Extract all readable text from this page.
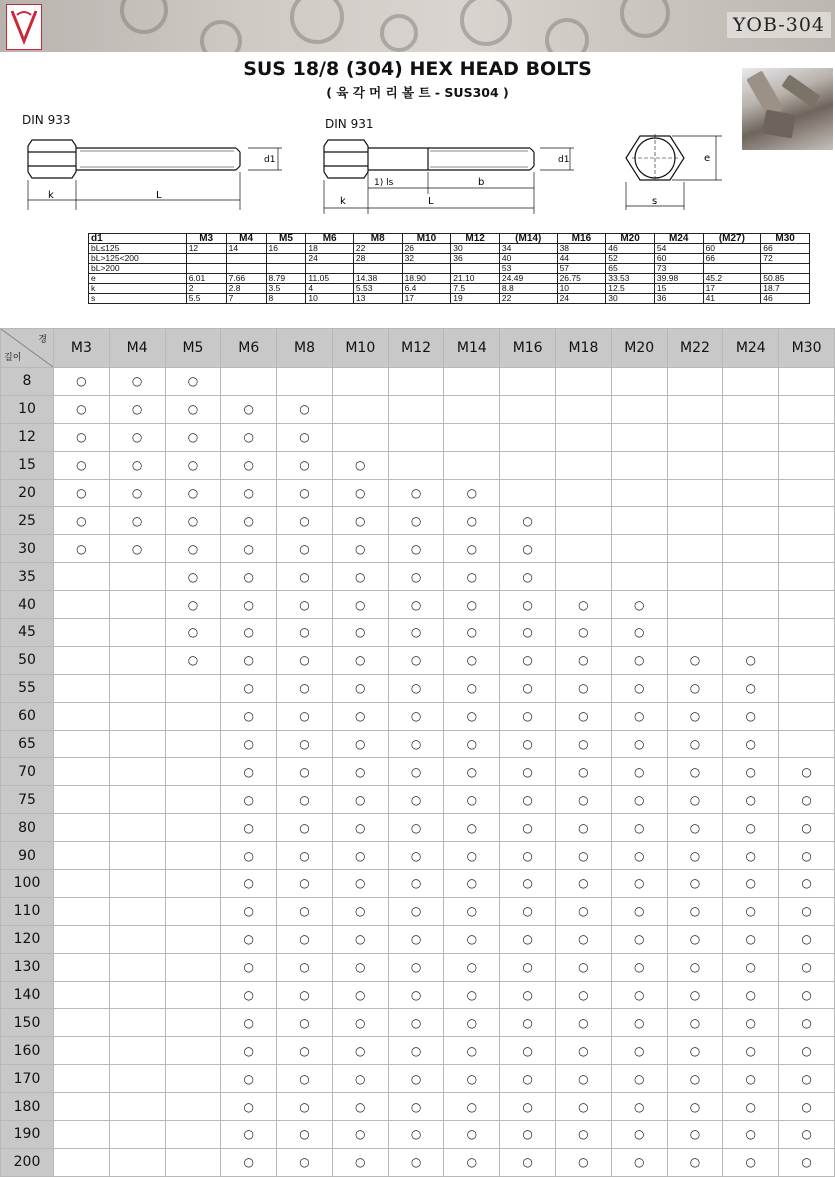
YOB-304
SUS 18/8 (304) HEX HEAD BOLTS
( 육 각 머 리 볼 트 - SUS304 )
DIN 933	DIN 931
k	L
d1
k
1) ls	b
L
d1
s
e
d1	M3	M4	M5	M6	M8	M10	M12	(M14)	M16	M20	M24	(M27)	M30
bL≤125	12	14	16	18	22	26	30	34	38	46	54	60	66
bL>125<200				24	28	32	36	40	44	52	60	66	72
bL>200								53	57	65	73		
e	6.01	7.66	8.79	11.05	14.38	18.90	21.10	24.49	26.75	33.53	39.98	45.2	50.85
k	2	2.8	3.5	4	5.53	6.4	7.5	8.8	10	12.5	15	17	18.7
s	5.5	7	8	10	13	17	19	22	24	30	36	41	46
경
길이	M3	M4	M5	M6	M8	M10	M12	M14	M16	M18	M20	M22	M24	M30
8	○	○	○											
10	○	○	○	○	○									
12	○	○	○	○	○									
15	○	○	○	○	○	○								
20	○	○	○	○	○	○	○	○						
25	○	○	○	○	○	○	○	○	○					
30	○	○	○	○	○	○	○	○	○					
35			○	○	○	○	○	○	○					
40			○	○	○	○	○	○	○	○	○			
45			○	○	○	○	○	○	○	○	○			
50			○	○	○	○	○	○	○	○	○	○	○	
55				○	○	○	○	○	○	○	○	○	○	
60				○	○	○	○	○	○	○	○	○	○	
65				○	○	○	○	○	○	○	○	○	○	
70				○	○	○	○	○	○	○	○	○	○	○
75				○	○	○	○	○	○	○	○	○	○	○
80				○	○	○	○	○	○	○	○	○	○	○
90				○	○	○	○	○	○	○	○	○	○	○
100				○	○	○	○	○	○	○	○	○	○	○
110				○	○	○	○	○	○	○	○	○	○	○
120				○	○	○	○	○	○	○	○	○	○	○
130				○	○	○	○	○	○	○	○	○	○	○
140				○	○	○	○	○	○	○	○	○	○	○
150				○	○	○	○	○	○	○	○	○	○	○
160				○	○	○	○	○	○	○	○	○	○	○
170				○	○	○	○	○	○	○	○	○	○	○
180				○	○	○	○	○	○	○	○	○	○	○
190				○	○	○	○	○	○	○	○	○	○	○
200				○	○	○	○	○	○	○	○	○	○	○
